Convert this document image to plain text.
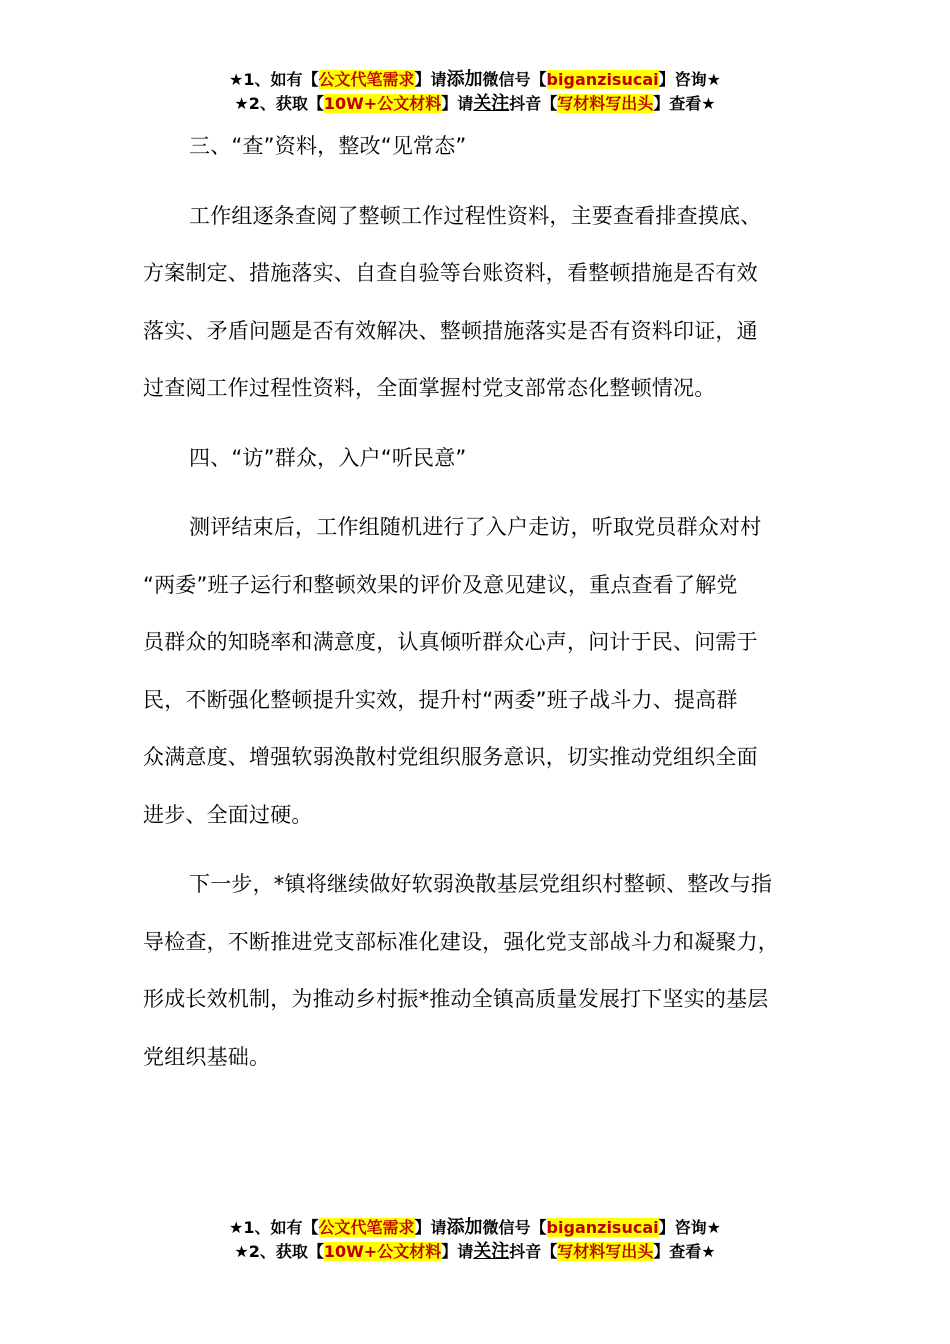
★1、如有【公文代笔需求】请添加微信号【biganzisucai】咨询★
★2、获取【10W+公文材料】请关注抖音【写材料写出头】查看★

三、“查”资料，整改“见常态”

工作组逐条查阅了整顿工作过程性资料，主要查看排查摸底、

方案制定、措施落实、自查自验等台账资料，看整顿措施是否有效

落实、矛盾问题是否有效解决、整顿措施落实是否有资料印证，通

过查阅工作过程性资料，全面掌握村党支部常态化整顿情况。

四、“访”群众，入户“听民意”

测评结束后，工作组随机进行了入户走访，听取党员群众对村

“两委”班子运行和整顿效果的评价及意见建议，重点查看了解党

员群众的知晓率和满意度，认真倾听群众心声，问计于民、问需于

民，不断强化整顿提升实效，提升村“两委”班子战斗力、提高群

众满意度、增强软弱涣散村党组织服务意识，切实推动党组织全面

进步、全面过硬。

下一步，*镇将继续做好软弱涣散基层党组织村整顿、整改与指

导检查，不断推进党支部标准化建设，强化党支部战斗力和凝聚力，

形成长效机制，为推动乡村振*推动全镇高质量发展打下坚实的基层

党组织基础。

★1、如有【公文代笔需求】请添加微信号【biganzisucai】咨询★
★2、获取【10W+公文材料】请关注抖音【写材料写出头】查看★
